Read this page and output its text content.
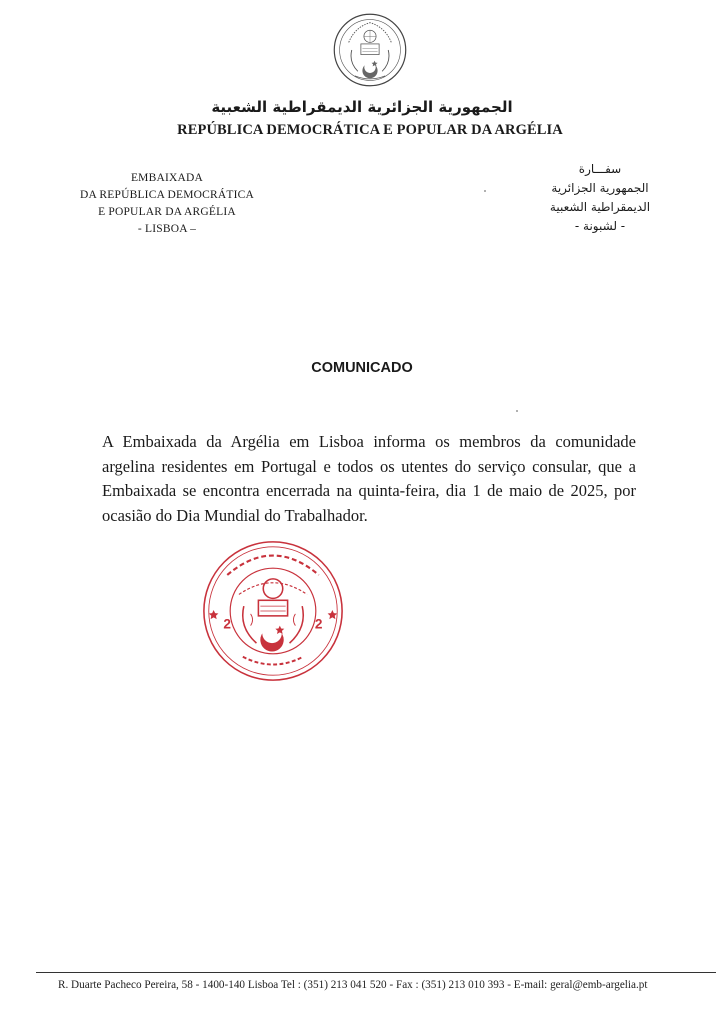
الجمهورية الجزائرية الديمقراطية الشعبية
REPÚBLICA DEMOCRÁTICA E POPULAR DA ARGÉLIA
EMBAIXADA
DA REPÚBLICA DEMOCRÁTICA
E POPULAR DA ARGÉLIA
- LISBOA –
سفـــارة
الجمهورية الجزائرية
الديمقراطية الشعبية
- لشبونة -
COMUNICADO
A Embaixada da Argélia em Lisboa informa os membros da comunidade argelina residentes em Portugal e todos os utentes do serviço consular, que a Embaixada se encontra encerrada na quinta-feira, dia 1 de maio de 2025, por ocasião do Dia Mundial do Trabalhador.
2	2
R. Duarte Pacheco Pereira, 58 - 1400-140 Lisboa Tel : (351) 213 041 520 - Fax : (351) 213 010 393 - E-mail: geral@emb-argelia.pt
